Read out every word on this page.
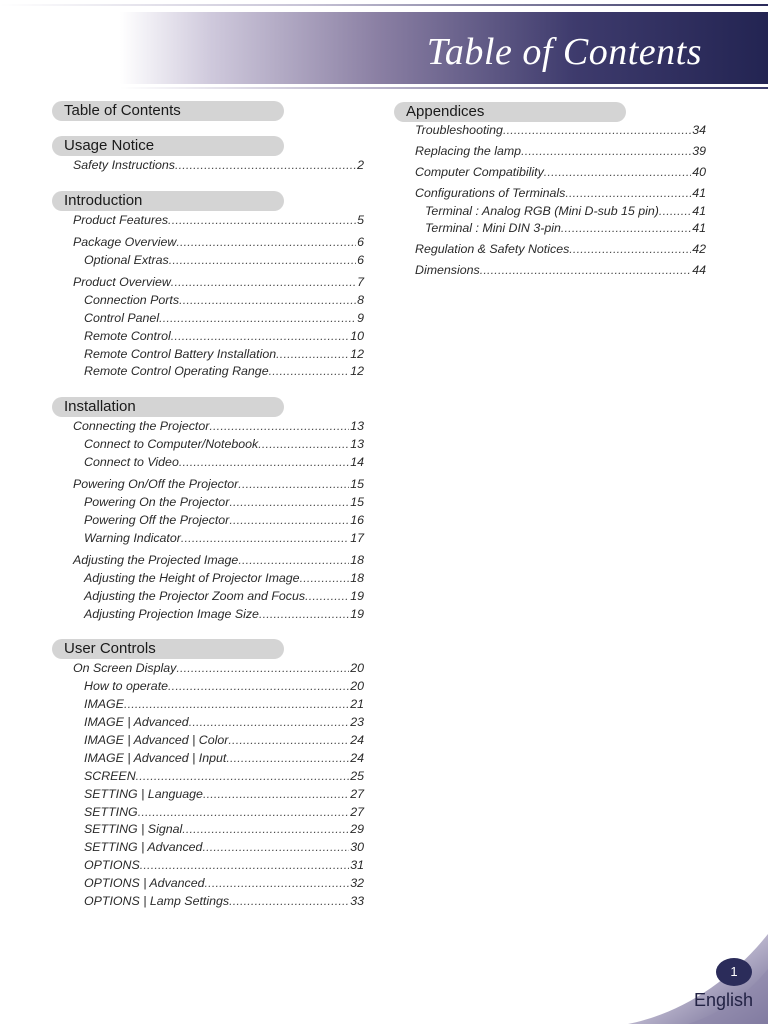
Table of Contents
Table of Contents
Usage Notice
Safety Instructions .....	2
Introduction
Product Features .....	5
Package Overview .....	6
Optional Extras .....	6
Product Overview .....	7
Connection Ports .....	8
Control Panel .....	9
Remote Control .....	10
Remote Control Battery Installation .....	12
Remote Control Operating Range .....	12
Installation
Connecting the Projector .....	13
Connect to Computer/Notebook .....	13
Connect to Video .....	14
Powering On/Off the Projector .....	15
Powering On the Projector .....	15
Powering Off the Projector .....	16
Warning Indicator .....	17
Adjusting the Projected Image .....	18
Adjusting the Height of Projector Image .....	18
Adjusting the Projector Zoom and Focus .....	19
Adjusting Projection Image Size .....	19
User Controls
On Screen Display .....	20
How to operate .....	20
IMAGE .....	21
IMAGE | Advanced .....	23
IMAGE | Advanced | Color .....	24
IMAGE | Advanced | Input .....	24
SCREEN .....	25
SETTING | Language .....	27
SETTING .....	27
SETTING | Signal .....	29
SETTING | Advanced .....	30
OPTIONS .....	31
OPTIONS | Advanced .....	32
OPTIONS | Lamp Settings .....	33
Appendices
Troubleshooting .....	34
Replacing the lamp .....	39
Computer Compatibility .....	40
Configurations of Terminals .....	41
Terminal : Analog RGB (Mini D-sub 15 pin) .....	41
Terminal : Mini DIN 3-pin .....	41
Regulation & Safety Notices .....	42
Dimensions .....	44
1
English
